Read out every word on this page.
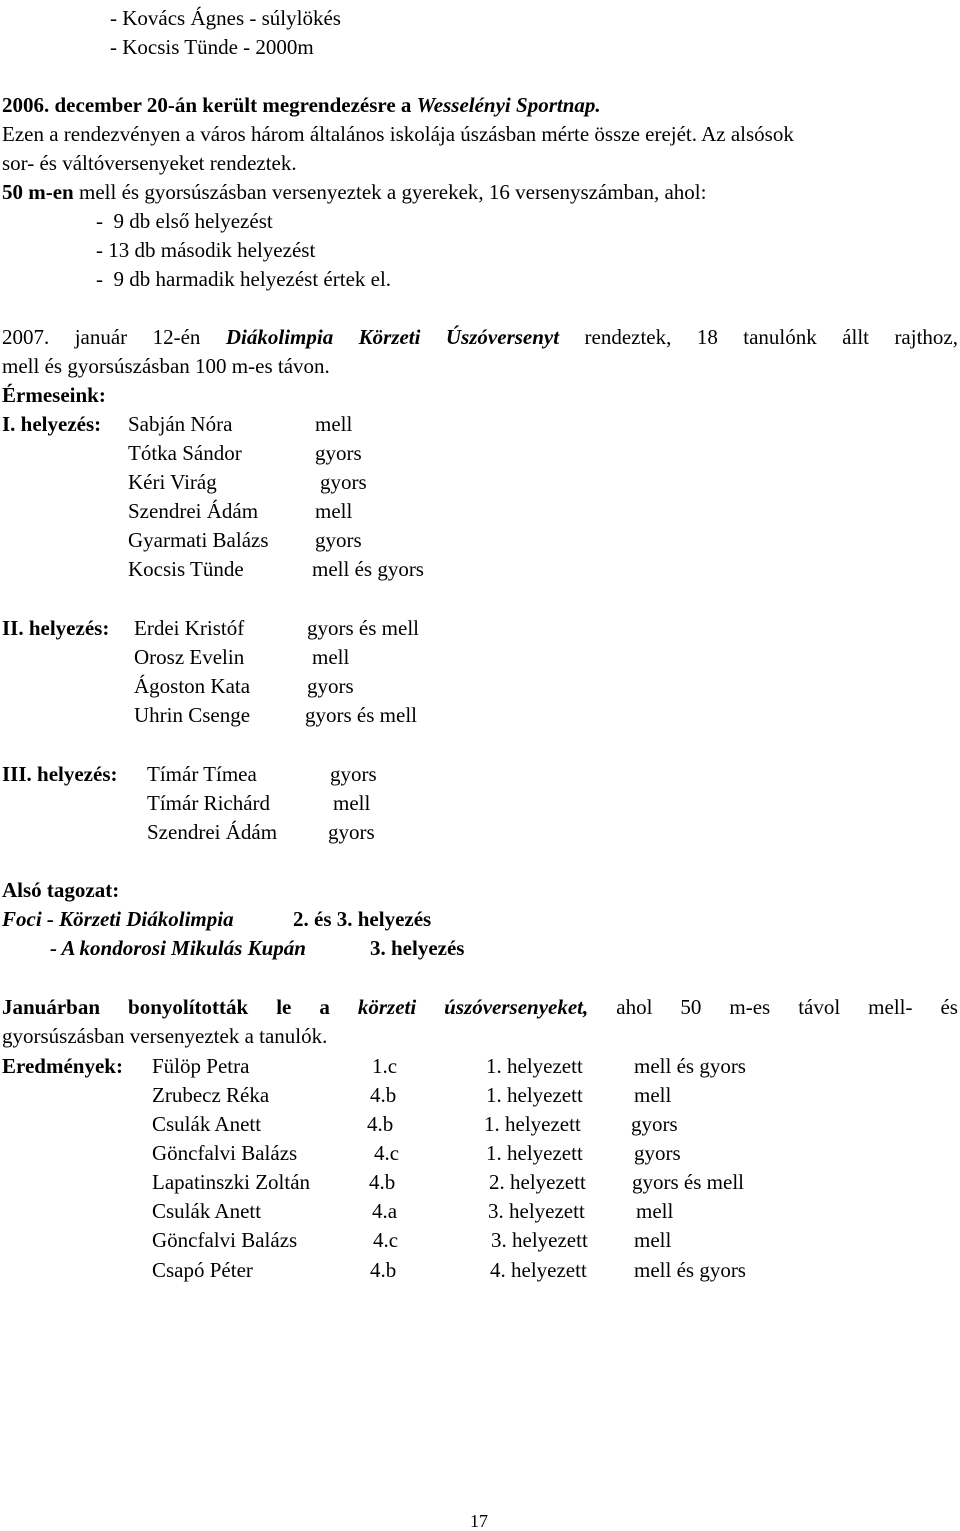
- Kovács Ágnes - súlylökés
- Kocsis Tünde - 2000m
2006. december 20-án került megrendezésre a Wesselényi Sportnap.
Ezen a rendezvényen a város három általános iskolája úszásban mérte össze erejét. Az alsósok
sor- és váltóversenyeket rendeztek.
50 m-en mell és gyorsúszásban versenyeztek a gyerekek, 16 versenyszámban, ahol:
-  9 db első helyezést
- 13 db második helyezést
-  9 db harmadik helyezést értek el.
2007. január 12-én Diákolimpia Körzeti Úszóversenyt rendeztek, 18 tanulónk állt rajthoz,
mell és gyorsúszásban 100 m-es távon.
Érmeseink:
I. helyezés: Sabján Nóra	mell
Tótka Sándor	gyors
Kéri Virág	gyors
Szendrei Ádám	mell
Gyarmati Balázs gyors
Kocsis Tünde	mell és gyors
II. helyezés: Erdei Kristóf	gyors és mell
Orosz Evelin	mell
Ágoston Kata	gyors
Uhrin Csenge	gyors és mell
III. helyezés: Tímár Tímea	gyors
Tímár Richárd	mell
Szendrei Ádám gyors
Alsó tagozat:
Foci - Körzeti Diákolimpia	2. és 3. helyezés
- A kondorosi Mikulás Kupán	3. helyezés
Januárban bonyolították le a körzeti úszóversenyeket, ahol 50 m-es távol mell- és
gyorsúszásban versenyeztek a tanulók.
Eredmények: Fülöp Petra	1.c	1. helyezett mell és gyors
Zrubecz Réka	4.b	1. helyezett mell
Csulák Anett	4.b	1. helyezett gyors
Göncfalvi Balázs	4.c	1. helyezett gyors
Lapatinszki Zoltán	4.b	2. helyezett gyors és mell
Csulák Anett	4.a	3. helyezett mell
Göncfalvi Balázs	4.c	3. helyezett mell
Csapó Péter	4.b	4. helyezett mell és gyors
17
